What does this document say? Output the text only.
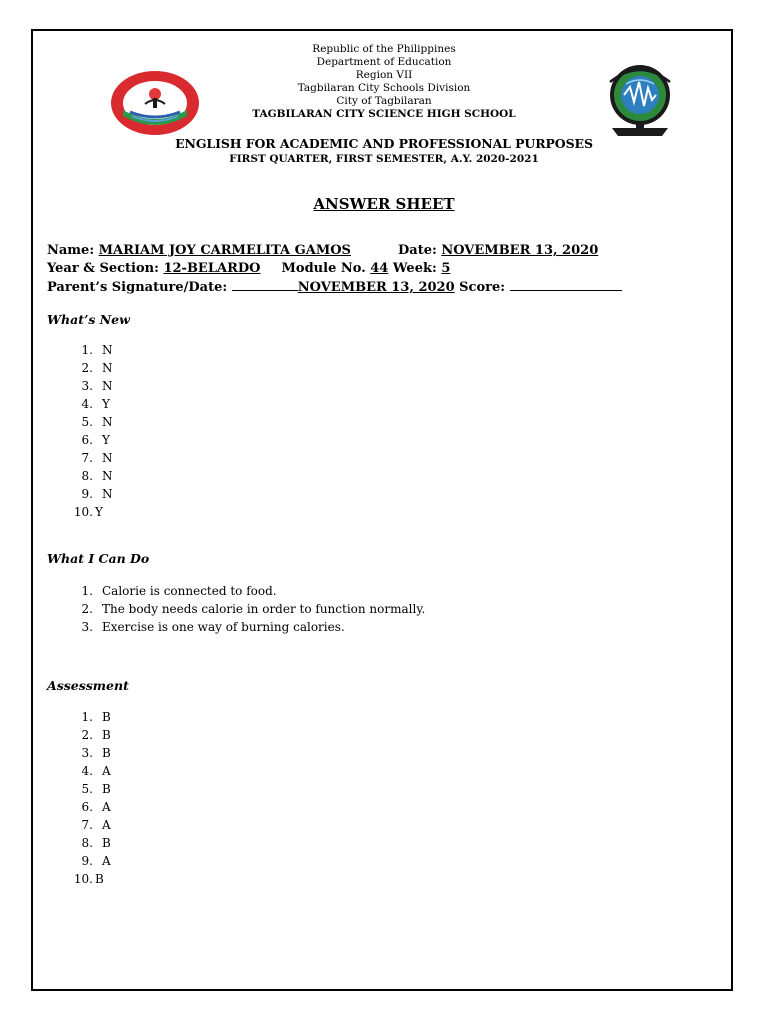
Republic of the Philippines
Department of Education
Region VII
Tagbilaran City Schools Division
City of Tagbilaran
TAGBILARAN CITY SCIENCE HIGH SCHOOL
ENGLISH FOR ACADEMIC AND PROFESSIONAL PURPOSES
FIRST QUARTER, FIRST SEMESTER, A.Y. 2020-2021
ANSWER SHEET
Name: MARIAM JOY CARMELITA GAMOS	Date: NOVEMBER 13, 2020
Year & Section: 12-BELARDO Module No. 44 Week: 5
Parent’s Signature/Date:	NOVEMBER 13, 2020 Score:
What’s New
1. N
2. N
3. N
4. Y
5. N
6. Y
7. N
8. N
9. N
10. Y
What I Can Do
1. Calorie is connected to food.
2. The body needs calorie in order to function normally.
3. Exercise is one way of burning calories.
Assessment
1. B
2. B
3. B
4. A
5. B
6. A
7. A
8. B
9. A
10. B
